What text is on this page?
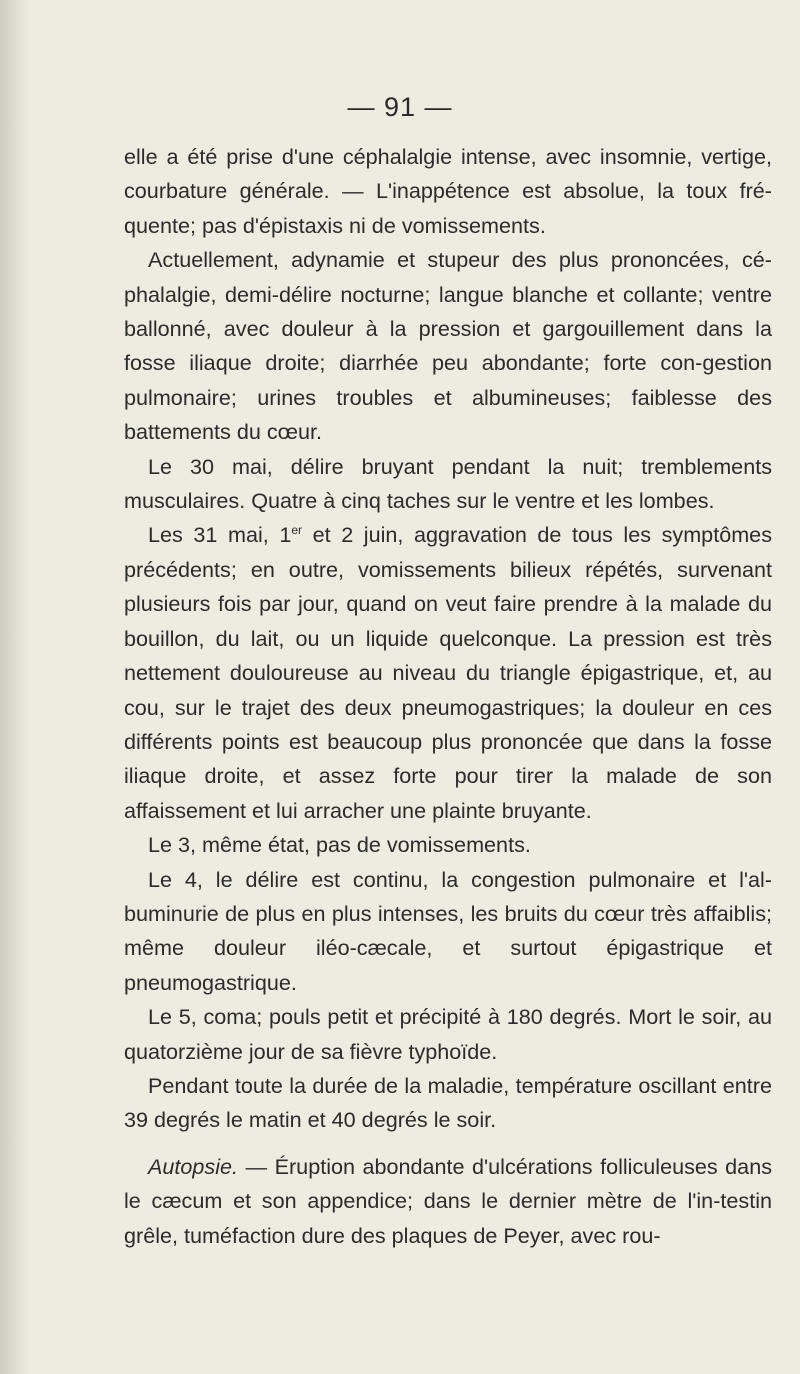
— 91 —

elle a été prise d'une céphalalgie intense, avec insomnie, vertige, courbature générale. — L'inappétence est absolue, la toux fré-quente; pas d'épistaxis ni de vomissements.

Actuellement, adynamie et stupeur des plus prononcées, cé-phalalgie, demi-délire nocturne; langue blanche et collante; ventre ballonné, avec douleur à la pression et gargouillement dans la fosse iliaque droite; diarrhée peu abondante; forte con-gestion pulmonaire; urines troubles et albumineuses; faiblesse des battements du cœur.

Le 30 mai, délire bruyant pendant la nuit; tremblements musculaires. Quatre à cinq taches sur le ventre et les lombes.

Les 31 mai, 1er et 2 juin, aggravation de tous les symptômes précédents; en outre, vomissements bilieux répétés, survenant plusieurs fois par jour, quand on veut faire prendre à la malade du bouillon, du lait, ou un liquide quelconque. La pression est très nettement douloureuse au niveau du triangle épigastrique, et, au cou, sur le trajet des deux pneumogastriques; la douleur en ces différents points est beaucoup plus prononcée que dans la fosse iliaque droite, et assez forte pour tirer la malade de son affaissement et lui arracher une plainte bruyante.

Le 3, même état, pas de vomissements.

Le 4, le délire est continu, la congestion pulmonaire et l'al-buminurie de plus en plus intenses, les bruits du cœur très affaiblis; même douleur iléo-cæcale, et surtout épigastrique et pneumogastrique.

Le 5, coma; pouls petit et précipité à 180 degrés. Mort le soir, au quatorzième jour de sa fièvre typhoïde.

Pendant toute la durée de la maladie, température oscillant entre 39 degrés le matin et 40 degrés le soir.

Autopsie. — Éruption abondante d'ulcérations folliculeuses dans le cæcum et son appendice; dans le dernier mètre de l'in-testin grêle, tuméfaction dure des plaques de Peyer, avec rou-
